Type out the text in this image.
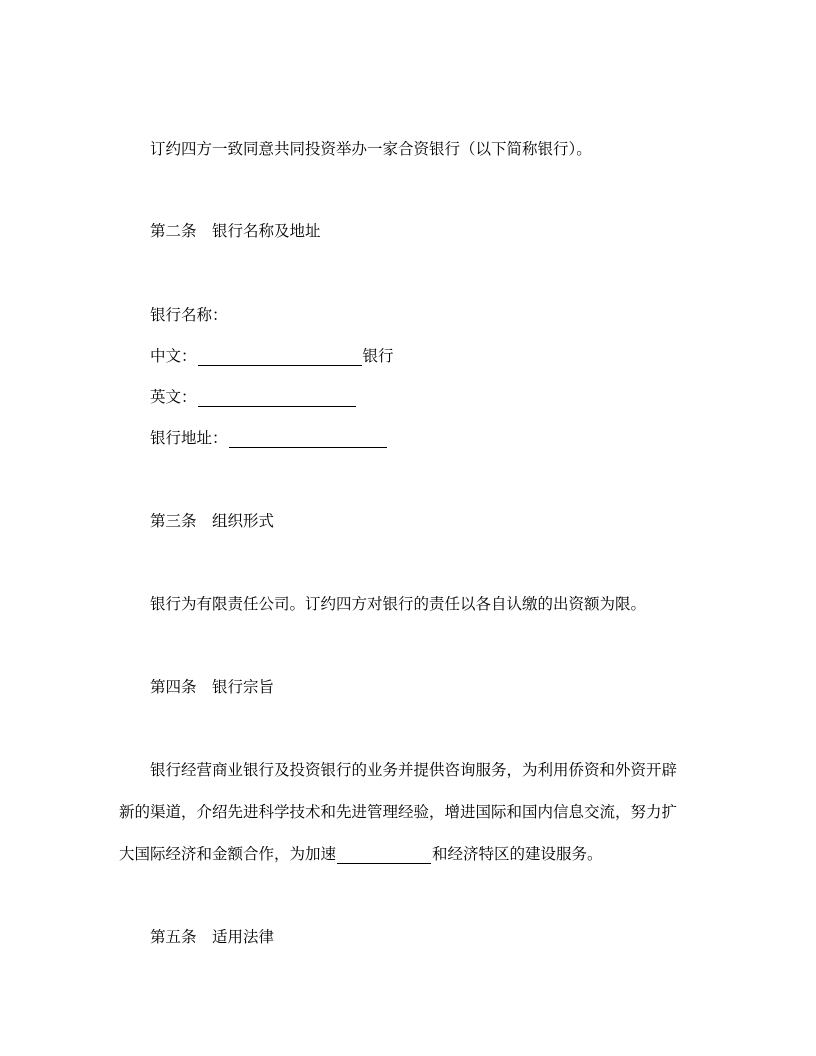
订约四方一致同意共同投资举办一家合资银行（以下简称银行）。
第二条　银行名称及地址
银行名称：
中文：	银行
英文：
银行地址：
第三条　组织形式
银行为有限责任公司。订约四方对银行的责任以各自认缴的出资额为限。
第四条　银行宗旨
银行经营商业银行及投资银行的业务并提供咨询服务，为利用侨资和外资开辟
新的渠道，介绍先进科学技术和先进管理经验，增进国际和国内信息交流，努力扩
大国际经济和金额合作，为加速	和经济特区的建设服务。
第五条　适用法律
